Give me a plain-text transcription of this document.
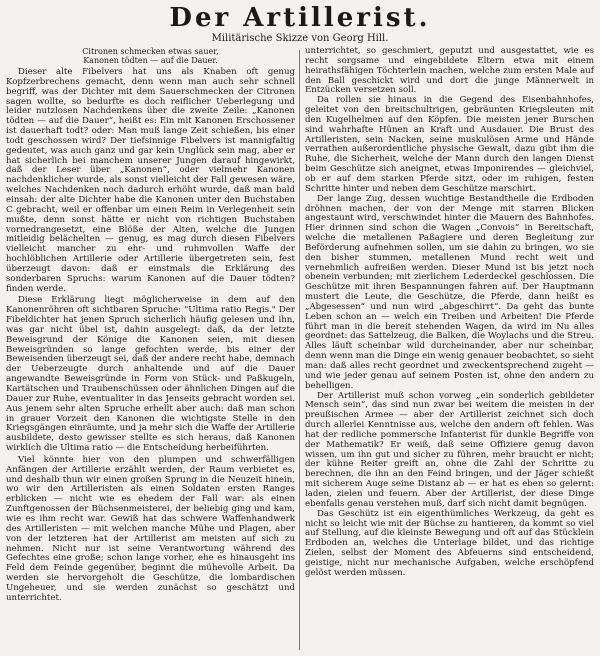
Der Artillerist.
Militärische Skizze von Georg Hill.
Citronen schmecken etwas sauer,
Kanonen tödten — auf die Dauer.

Dieser alte Fibelvers hat uns als Knaben oft genug Kopfzerbrechens gemacht, denn wenn man auch sehr schnell begriff, was der Dichter mit dem Sauerschmecken der Citronen sagen wollte, so bedurfte es doch reiflicher Ueberlegung und leider nutzlosen Nachdenkens über die zweite Zeile: „Kanonen tödten — auf die Dauer“, heißt es: Ein mit Kanonen Erschossener ist dauerhaft todt? oder: Man muß lange Zeit schießen, bis einer todt geschossen wird? Der tiefsinnige Fibelvers ist mannigfaltig gedeutet, was auch ganz und gar kein Unglück sein mag, aber er hat sicherlich bei manchem unserer Jungen darauf hingewirkt, daß der Leser über „Kanonen“, oder vielmehr Kanonen nachdenklicher wurde, als sonst vielleicht der Fall gewesen wäre, welches Nachdenken noch dadurch erhöht wurde, daß man bald einsah: der alte Dichter habe die Kanonen unter den Buchstaben C gebracht, weil er offenbar um einen Reim in Verlegenheit sein mußte, denn sonst hätte er nicht von richtigen Buchstaben vornedrangesetzt, eine Blöße der Alten, welche die Jungen mitleidig belächelten — genug, es mag durch diesen Fibelvers vielleicht mancher zu ehr- und ruhmvollen Waffe der hochlöblichen Artillerie oder Artillerie übergetreten sein, fest überzeugt davon: daß er einstmals die Erklärung des sonderbaren Spruchs: warum Kanonen auf die Dauer tödten? finden werde.

Diese Erklärung liegt möglicherweise in dem auf den Kanonenröhren oft sichtbaren Spruche: "Ultima ratio Regis." Der Fibeldichter hat jenen Spruch sicherlich häufig gelesen und ihn, was gar nicht übel ist, dahin ausgelegt: daß, da der letzte Beweisgrund der Könige die Kanonen seien, mit diesen Beweisgründen so lange gefochten werde, bis einer der Beweisenden überzeugt sei, daß der andere recht habe, demnach der Ueberzeugte durch anhaltende und auf die Dauer angewandte Beweisgründe in Form von Stück- und Paßkugeln, Kartätschen und Traubenschüssen oder ähnlichen Dingen auf die Dauer zur Ruhe, eventualiter in das Jenseits gebracht worden sei. Aus jenem sehr alten Spruche erhellt aber auch: daß man schon in grauer Vorzeit den Kanonen die wichtigste Stelle in den Kriegsgängen einräumte, und ja mehr sich die Waffe der Artillerie ausbildete, desto gewisser stellte es sich heraus, daß Kanonen wirklich die Ultima ratio — die Entscheidung herbeiführten.

Viel könnte hier von den plumpen und schwerfälligen Anfängen der Artillerie erzählt werden, der Raum verbietet es, und deshalb thun wir einen großen Sprung in die Neuzeit hinein, wo wir den Artilleristen als einen Soldaten ersten Ranges erblicken — nicht wie es ehedem der Fall war: als einen Zunftgenossen der Büchsenmeisterei, der beliebig ging und kam, wie es ihm recht war. Gewiß hat das schwere Waffenhandwerk des Artilleristen — mit welchen manche Mühe und Plagen, aber von der letzteren hat der Artillerist am meisten auf sich zu nehmen. Nicht nur ist seine Verantwortung während des Gefechtes eine große; schon lange vorher, ehe es hinausgeht ins Feld dem Feinde gegenüber, beginnt die mühevolle Arbeit. Da werden sie hervorgeholt die Geschütze, die lombardischen Ungeheuer, und sie werden zunächst so geschätzt und unterrichtet.

unterrichtet, so geschmiert, geputzt und ausgestattet, wie es recht sorgsame und eingebildete Eltern etwa mit einem heirathsfähigen Töchterlein machen, welche zum ersten Male auf den Ball geschickt wird und dort die junge Männerwelt in Entzücken versetzen soll.

Da rollen sie hinaus in die Gegend des Eisenbahnhofes, geleitet von den breitschultrigen, gebräunten Kriegsleuten mit den Kugelhelmen auf den Köpfen. Die meisten jener Burschen sind wahrhafte Hünen an Kraft und Ausdauer. Die Brust des Artilleristen, sein Nacken, seine muskulösen Arme und Hände verrathen außerordentliche physische Gewalt, dazu gibt ihm die Ruhe, die Sicherheit, welche der Mann durch den langen Dienst beim Geschütze sich aneignet, etwas Imponirendes — gleichviel, ob er auf dem starken Pferde sitzt, oder im ruhigen, festen Schritte hinter und neben dem Geschütze marschirt.

Der lange Zug, dessen wuchtige Bestandtheile die Erdboden dröhnen machen, der von der Menge mit starren Blicken angestaunt wird, verschwindet hinter die Mauern des Bahnhofes. Hier drinnen sind schon die Wagen „Convois“ in Bereitschaft, welche die metallenen Paßagiere und deren Begleitung zur Beförderung aufnehmen sollen, um sie dahin zu bringen, wo sie den bisher stummen, metallenen Mund recht weit und vernehmlich aufreißen werden. Dieser Mund ist bis jetzt noch obenein verbunden; mit zierlichem Lederdeckel geschlossen. Die Geschütze mit ihren Bespannungen fahren auf. Der Hauptmann mustert die Leute, die Geschütze, die Pferde, dann heißt es „Abgesessen“ und nun wird „abgeschirrt“. Da geht das bunte Leben schon an — welch ein Treiben und Arbeiten! Die Pferde führt man in die bereit stehenden Wagen, da wird im Nu alles geordnet: das Sattelzeug, die Balken, die Woylachs und die Streu. Alles läuft scheinbar wild durcheinander, aber nur scheinbar, denn wenn man die Dinge ein wenig genauer beobachtet, so sieht man: daß alles recht geordnet und zweckentsprechend zugeht — und wie jeder genau auf seinem Posten ist, ohne den andern zu behelligen.

Der Artillerist muß schon vorweg „ein sonderlich gebildeter Mensch sein“, das sind nun zwar bei weitem die meisten in der preußischen Armee — aber der Artillerist zeichnet sich doch durch allerlei Kenntnisse aus, welche den andern oft fehlen. Was hat der redliche pommersche Infanterist für dunkle Begriffe von der Mathematik? Er weiß, daß seine Offiziere genug davon wissen, um ihn gut und sicher zu führen, mehr braucht er nicht; der kühne Reiter greift an, ohne die Zahl der Schritte zu berechnen, die ihn an den Feind bringen, und der Jäger schießt mit sicherem Auge seine Distanz ab — er hat es eben so gelernt: laden, zielen und feuern. Aber der Artillerist, der diese Dinge ebenfalls genau verstehen muß, darf sich nicht damit begnügen.

Das Geschütz ist ein eigenthümliches Werkzeug, da geht es nicht so leicht wie mit der Büchse zu hantieren, da kommt so viel auf Stellung, auf die kleinste Bewegung und oft auf das Stücklein Erdboden an, welches die Unterlage bildet, und das richtige Zielen, selbst der Moment des Abfeuerns sind entscheidend, geistige, nicht nur mechanische Aufgaben, welche erschöpfend gelöst werden müssen.
